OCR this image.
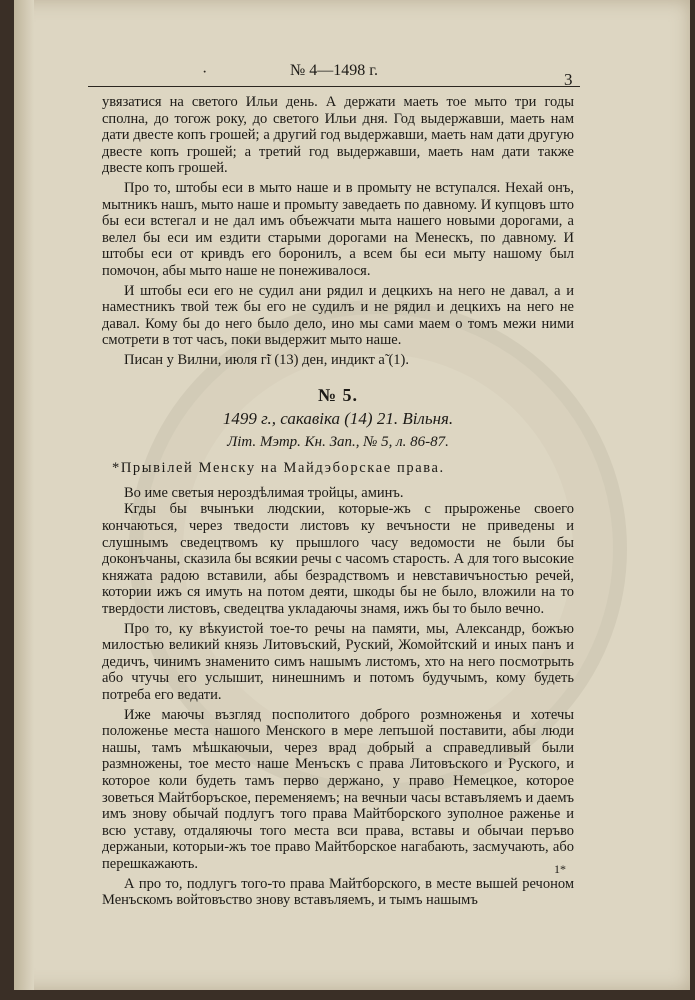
·	№ 4—1498 г.	3

увязатися на светого Ильи день. А держати маеть тое мыто три годы сполна, до тогож року, до светого Ильи дня. Год выдержавши, маеть нам дати двесте копъ грошей; а другий год выдержавши, маеть нам дати другую двесте копъ грошей; а третий год выдержавши, маеть нам дати также двесте копъ грошей.

Про то, штобы еси в мыто наше и в промыту не вступался. Нехай онъ, мытникъ нашъ, мыто наше и промыту заведаеть по давному. И купцовъ што бы еси встегал и не дал имъ объежчати мыта нашего новыми дорогами, а велел бы еси им ездити старыми дорогами на Менескъ, по давному. И штобы еси от кривдъ его боронилъ, а всем бы еси мыту нашому был помочон, абы мыто наше не понеживалося.

И штобы еси его не судил ани рядил и децкихъ на него не давал, а и наместникъ твой теж бы его не судилъ и не рядил и децкихъ на него не давал. Кому бы до него было дело, ино мы сами маем о томъ межи ними смотрети в тот часъ, поки выдержит мыто наше.

Писан у Вилни, июля г̃і (13) ден, индикт а̃ (1).

№ 5.
1499 г., сакавіка (14) 21. Вільня.
Літ. Мэтр. Кн. Зап., № 5, л. 86-87.

*Прывілей Менску на Майдэборскае права.

Во име светыя нероздѣлимая тройцы, аминъ.

Кгды бы вчынъки людскии, которые-жъ с прыроженье своего кончаються, через тведости листовъ ку вечъности не приведены и слушнымъ сведецтвомъ ку прышлого часу ведомости не были бы доконъчаны, сказила бы всякии речы с часомъ старость. А для того высокие княжата радою вставили, абы безрадствомъ и невставичъностью речей, котории ижъ ся имуть на потом деяти, шкоды бы не было, вложили на то твердости листовъ, сведецтва укладаючы знамя, ижъ бы то было вечно.

Про то, ку вѣкуистой тое-то речы на памяти, мы, Александр, божъю милостью великий князь Литовъский, Руский, Жомойтский и иных панъ и дедичъ, чинимъ знаменито симъ нашымъ листомъ, хто на него посмотрыть або чтучы его услышит, нинешнимъ и потомъ будучымъ, кому будеть потреба его ведати.

Иже маючы възгляд посполитого доброго розмноженья и хотечы положенье места нашого Менского в мере лепъшой поставити, абы люди нашы, тамъ мѣшкаючыи, через врад добрый а справедливый были размножены, тое место наше Менъскъ с права Литовъского и Руского, и которое коли будеть тамъ перво держано, у право Немецкое, которое зоветься Майтборъское, переменяемъ; на вечныи часы вставъляемъ и даемъ имъ знову обычай подлугъ того права Майтборского зуполное раженье и всю уставу, отдаляючы того места вси права, вставы и обычаи перъво держаныи, которыи-жъ тое право Майтборское нагабають, засмучають, або перешкажають.

А про то, подлугъ того-то права Майтборского, в месте вышей речоном Менъскомъ войтовъство знову вставъляемъ, и тымъ нашымъ

1*
